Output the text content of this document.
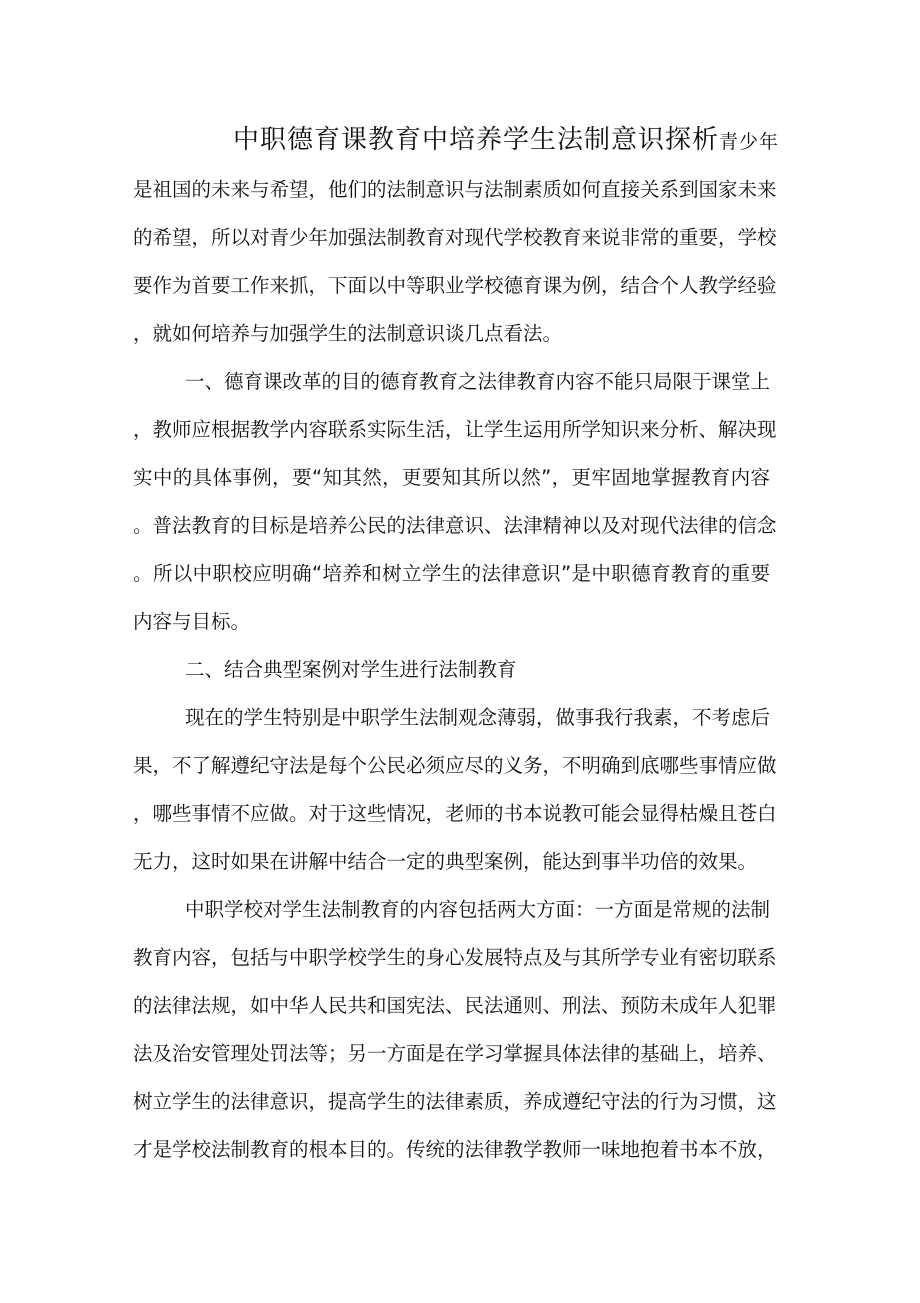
中职德育课教育中培养学生法制意识探析青少年
是祖国的未来与希望，他们的法制意识与法制素质如何直接关系到国家未来
的希望，所以对青少年加强法制教育对现代学校教育来说非常的重要，学校
要作为首要工作来抓，下面以中等职业学校德育课为例，结合个人教学经验
，就如何培养与加强学生的法制意识谈几点看法。
一、德育课改革的目的德育教育之法律教育内容不能只局限于课堂上
，教师应根据教学内容联系实际生活，让学生运用所学知识来分析、解决现
实中的具体事例，要“知其然，更要知其所以然”，更牢固地掌握教育内容
。普法教育的目标是培养公民的法律意识、法津精神以及对现代法律的信念
。所以中职校应明确“培养和树立学生的法律意识”是中职德育教育的重要
内容与目标。
二、结合典型案例对学生进行法制教育
现在的学生特别是中职学生法制观念薄弱，做事我行我素，不考虑后
果，不了解遵纪守法是每个公民必须应尽的义务，不明确到底哪些事情应做
，哪些事情不应做。对于这些情况，老师的书本说教可能会显得枯燥且苍白
无力，这时如果在讲解中结合一定的典型案例，能达到事半功倍的效果。
中职学校对学生法制教育的内容包括两大方面：一方面是常规的法制
教育内容，包括与中职学校学生的身心发展特点及与其所学专业有密切联系
的法律法规，如中华人民共和国宪法、民法通则、刑法、预防未成年人犯罪
法及治安管理处罚法等；另一方面是在学习掌握具体法律的基础上，培养、
树立学生的法律意识，提高学生的法律素质，养成遵纪守法的行为习惯，这
才是学校法制教育的根本目的。传统的法律教学教师一味地抱着书本不放，
